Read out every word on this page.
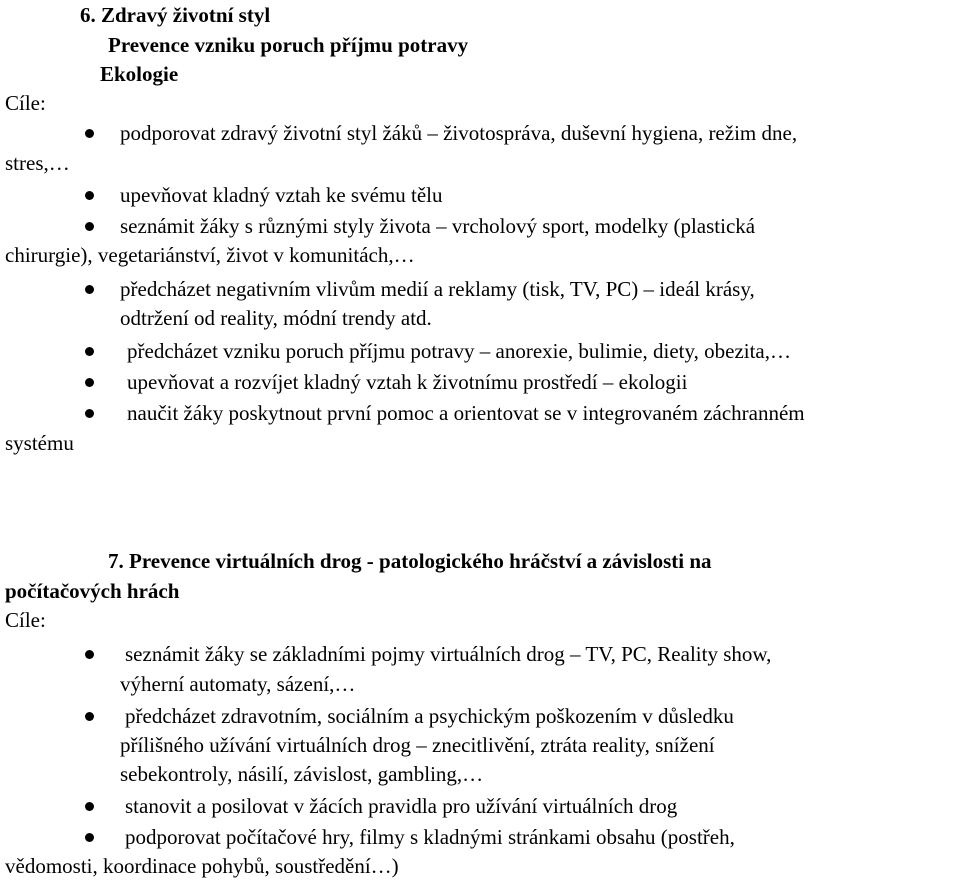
6. Zdravý životní styl
Prevence vzniku poruch příjmu potravy
Ekologie
Cíle:
podporovat zdravý životní styl žáků – životospráva, duševní hygiena, režim dne,
stres,…
upevňovat kladný vztah ke svému tělu
seznámit žáky s různými styly života – vrcholový sport, modelky (plastická
chirurgie), vegetariánství, život v komunitách,…
předcházet negativním vlivům medií a reklamy (tisk, TV, PC) – ideál krásy,
odtržení od reality, módní trendy atd.
předcházet vzniku poruch příjmu potravy – anorexie, bulimie, diety, obezita,…
upevňovat a rozvíjet kladný vztah k životnímu prostředí – ekologii
naučit žáky poskytnout první pomoc a orientovat se v integrovaném záchranném
systému
7. Prevence virtuálních drog - patologického hráčství a závislosti na
počítačových hrách
Cíle:
seznámit žáky se základními pojmy virtuálních drog – TV, PC, Reality show,
výherní automaty, sázení,…
předcházet zdravotním, sociálním a psychickým poškozením v důsledku
přílišného užívání virtuálních drog – znecitlivění, ztráta reality, snížení
sebekontroly, násilí, závislost, gambling,…
stanovit a posilovat v žácích pravidla pro užívání virtuálních drog
podporovat počítačové hry, filmy s kladnými stránkami obsahu (postřeh,
vědomosti, koordinace pohybů, soustředění…)
